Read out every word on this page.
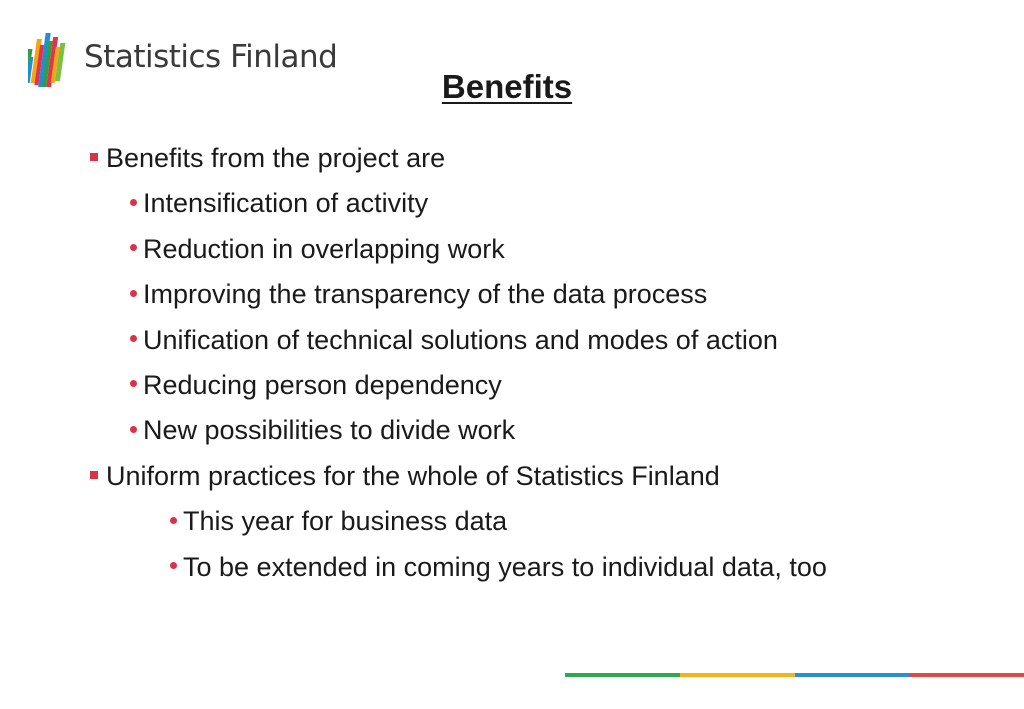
Statistics Finland
Benefits
Benefits from the project are
Intensification of activity
Reduction in overlapping work
Improving the transparency of the data process
Unification of technical solutions and modes of action
Reducing person dependency
New possibilities to divide work
Uniform practices for the whole of Statistics Finland
This year for business data
To be extended in coming years to individual data, too
